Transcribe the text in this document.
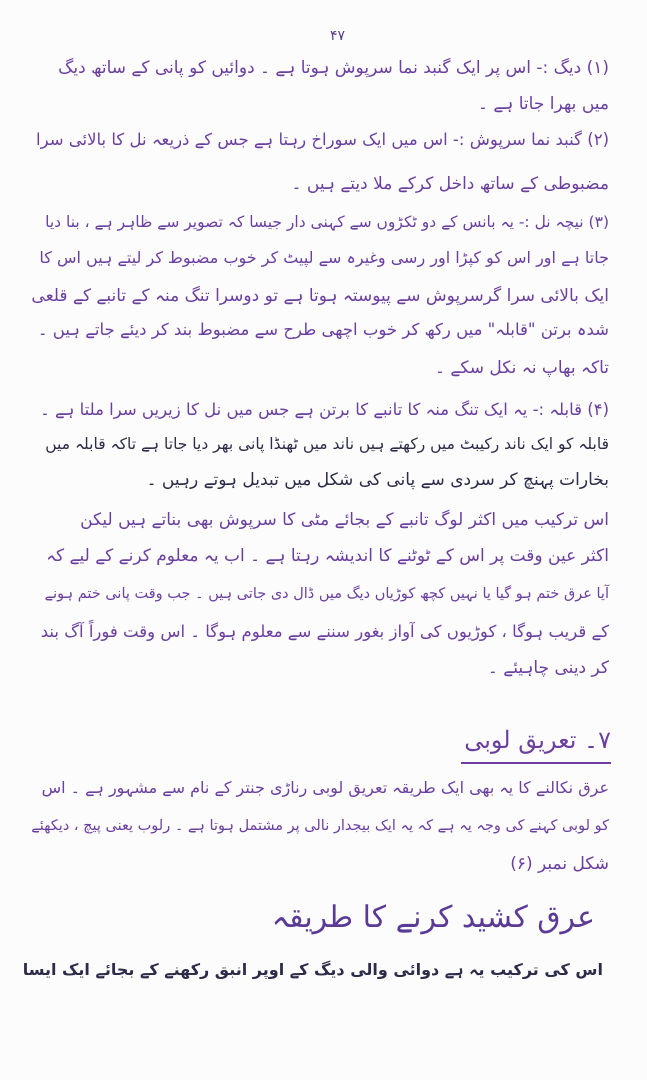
۴۷
(۱) دیگ :- اس پر ایک گنبد نما سرپوش ہوتا ہے ۔ دوائیں کو پانی کے ساتھ دیگ
میں بھرا جاتا ہے ۔
(۲) گنبد نما سرپوش :- اس میں ایک سوراخ رہتا ہے جس کے ذریعہ نل کا بالائی سرا
مضبوطی کے ساتھ داخل کرکے ملا دیتے ہیں ۔
(۳) نیچہ نل :- یہ بانس کے دو ٹکڑوں سے کہنی دار جیسا کہ تصویر سے ظاہر ہے ، بنا دیا
جاتا ہے اور اس کو کپڑا اور رسی وغیرہ سے لپیٹ کر خوب مضبوط کر لیتے ہیں اس کا
ایک بالائی سرا گرسرپوش سے پیوستہ ہوتا ہے تو دوسرا تنگ منہ کے تانبے کے قلعی
شدہ برتن "قابلہ" میں رکھ کر خوب اچھی طرح سے مضبوط بند کر دیئے جاتے ہیں ۔
تاکہ بھاپ نہ نکل سکے ۔
(۴) قابلہ :- یہ ایک تنگ منہ کا تانبے کا برتن ہے جس میں نل کا زیریں سرا ملتا ہے ۔
قابلہ کو ایک ناند رکیبٹ میں رکھتے ہیں ناند میں ٹھنڈا پانی بھر دیا جاتا ہے تاکہ قابلہ میں
بخارات پہنچ کر سردی سے پانی کی شکل میں تبدیل ہوتے رہیں ۔
اس ترکیب میں اکثر لوگ تانبے کے بجائے مٹی کا سرپوش بھی بناتے ہیں لیکن
اکثر عین وقت پر اس کے ٹوٹنے کا اندیشہ رہتا ہے ۔ اب یہ معلوم کرنے کے لیے کہ
آیا عرق ختم ہو گیا یا نہیں کچھ کوڑیاں دیگ میں ڈال دی جاتی ہیں ۔ جب وقت پانی ختم ہونے
کے قریب ہوگا ، کوڑیوں کی آواز بغور سننے سے معلوم ہوگا ۔ اس وقت فوراً آگ بند
کر دینی چاہیئے ۔
۷۔ تعریق لوبی
عرق نکالنے کا یہ بھی ایک طریقہ تعریق لوبی رناڑی جنتر کے نام سے مشہور ہے ۔ اس
کو لوبی کہنے کی وجہ یہ ہے کہ یہ ایک بیجدار نالی پر مشتمل ہوتا ہے ۔ رلوب یعنی پیچ ، دیکھئے
شکل نمبر (۶)
عرق کشید کرنے کا طریقہ
اس کی ترکیب یہ ہے دوائی والی دیگ کے اوپر انبق رکھنے کے بجائے ایک ایسا
